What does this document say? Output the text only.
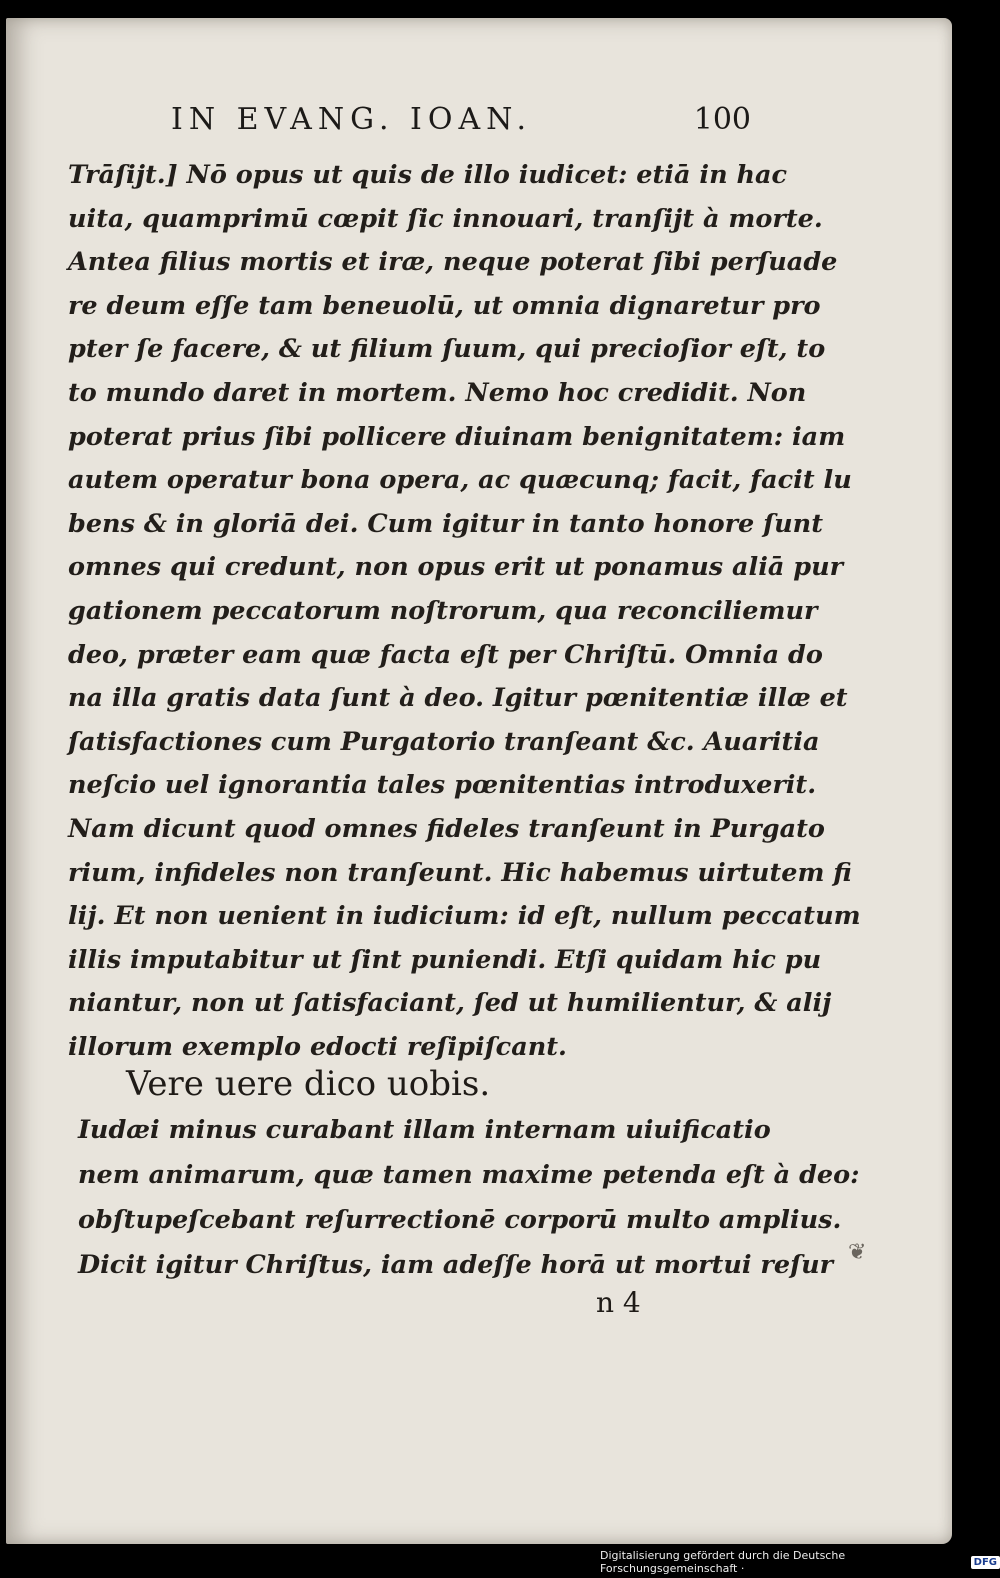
IN EVANG. IOAN.	100
Trāſijt.] Nō opus ut quis de illo iudicet: etiā in hac
uita, quamprimū cœpit ſic innouari, tranſijt à morte.
Antea filius mortis et iræ, neque poterat ſibi perſuade
re deum eſſe tam beneuolū, ut omnia dignaretur pro
pter ſe facere, & ut filium ſuum, qui precioſior eſt, to
to mundo daret in mortem. Nemo hoc credidit. Non
poterat prius ſibi pollicere diuinam benignitatem: iam
autem operatur bona opera, ac quæcunq; facit, facit lu
bens & in gloriā dei. Cum igitur in tanto honore ſunt
omnes qui credunt, non opus erit ut ponamus aliā pur
gationem peccatorum noſtrorum, qua reconciliemur
deo, præter eam quæ facta eſt per Chriſtū. Omnia do
na illa gratis data ſunt à deo. Igitur pœnitentiæ illæ et
ſatisfactiones cum Purgatorio tranſeant &c. Auaritia
neſcio uel ignorantia tales pœnitentias introduxerit.
Nam dicunt quod omnes fideles tranſeunt in Purgato
rium, infideles non tranſeunt. Hic habemus uirtutem fi
lij. Et non uenient in iudicium: id eſt, nullum peccatum
illis imputabitur ut ſint puniendi. Etſi quidam hic pu
niantur, non ut ſatisfaciant, ſed ut humilientur, & alij
illorum exemplo edocti reſipiſcant.
Vere uere dico uobis.
Iudæi minus curabant illam internam uiuificatio
nem animarum, quæ tamen maxime petenda eſt à deo:
obſtupeſcebant reſurrectionē corporū multo amplius.
Dicit igitur Chriſtus, iam adeſſe horā ut mortui reſur ❦
n 4
Digitalisierung gefördert durch die Deutsche Forschungsgemeinschaft ·	DFG
